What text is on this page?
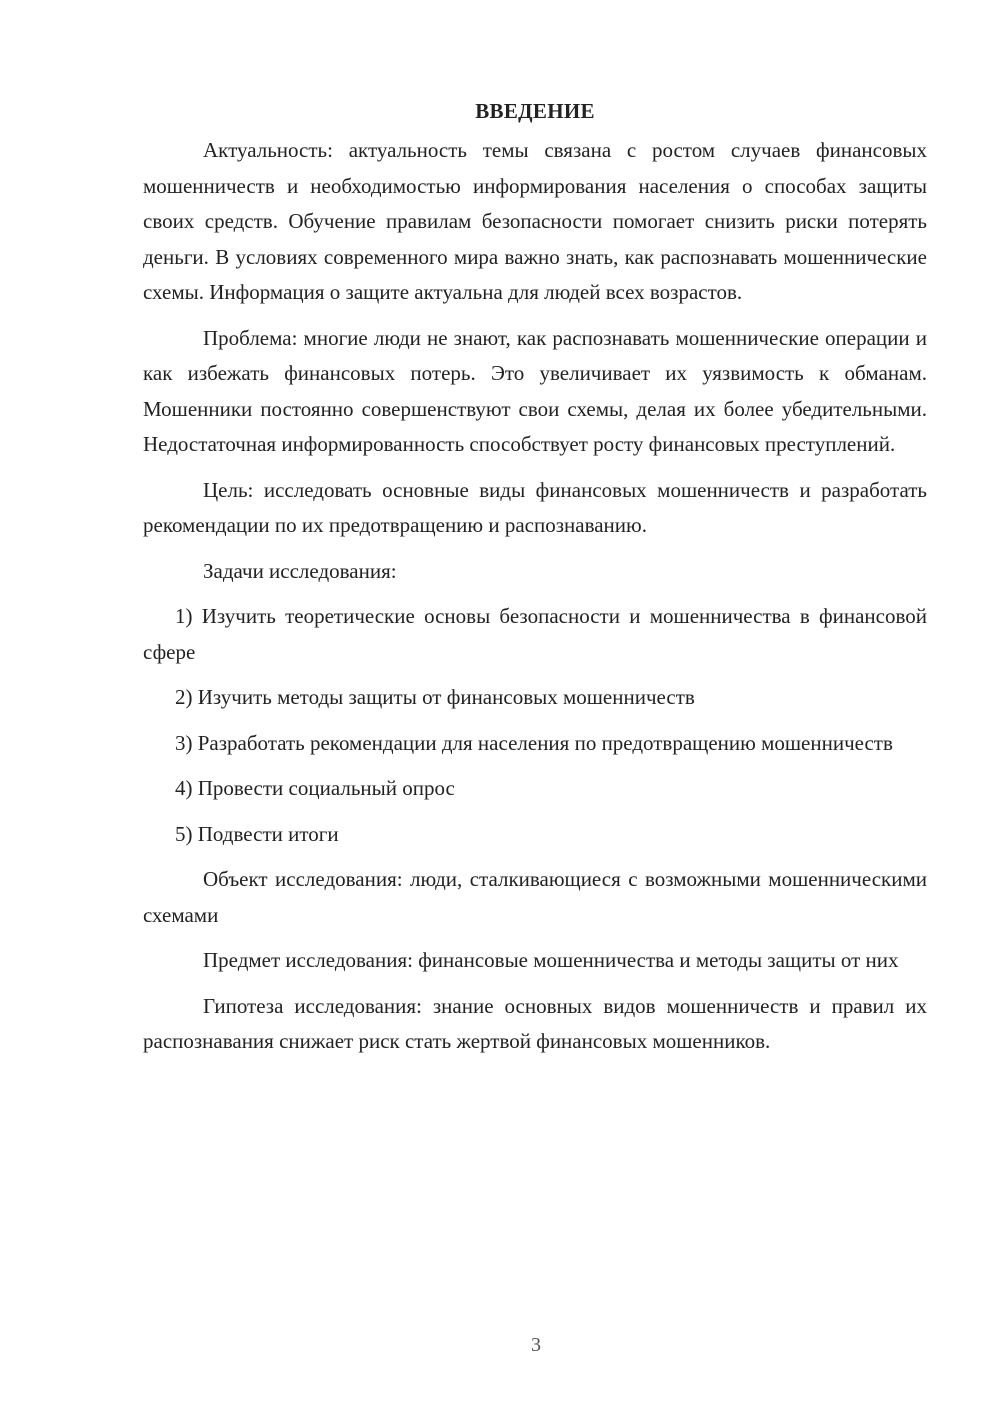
ВВЕДЕНИЕ

Актуальность: актуальность темы связана с ростом случаев финансовых мошенничеств и необходимостью информирования населения о способах защиты своих средств. Обучение правилам безопасности помогает снизить риски потерять деньги. В условиях современного мира важно знать, как распознавать мошеннические схемы. Информация о защите актуальна для людей всех возрастов.

Проблема: многие люди не знают, как распознавать мошеннические операции и как избежать финансовых потерь. Это увеличивает их уязвимость к обманам. Мошенники постоянно совершенствуют свои схемы, делая их более убедительными. Недостаточная информированность способствует росту финансовых преступлений.

Цель: исследовать основные виды финансовых мошенничеств и разработать рекомендации по их предотвращению и распознаванию.

Задачи исследования:

1) Изучить теоретические основы безопасности и мошенничества в финансовой сфере

2) Изучить методы защиты от финансовых мошенничеств

3) Разработать рекомендации для населения по предотвращению мошенничеств

4) Провести социальный опрос

5) Подвести итоги

Объект исследования: люди, сталкивающиеся с возможными мошенническими схемами

Предмет исследования: финансовые мошенничества и методы защиты от них

Гипотеза исследования: знание основных видов мошенничеств и правил их распознавания снижает риск стать жертвой финансовых мошенников.

3
